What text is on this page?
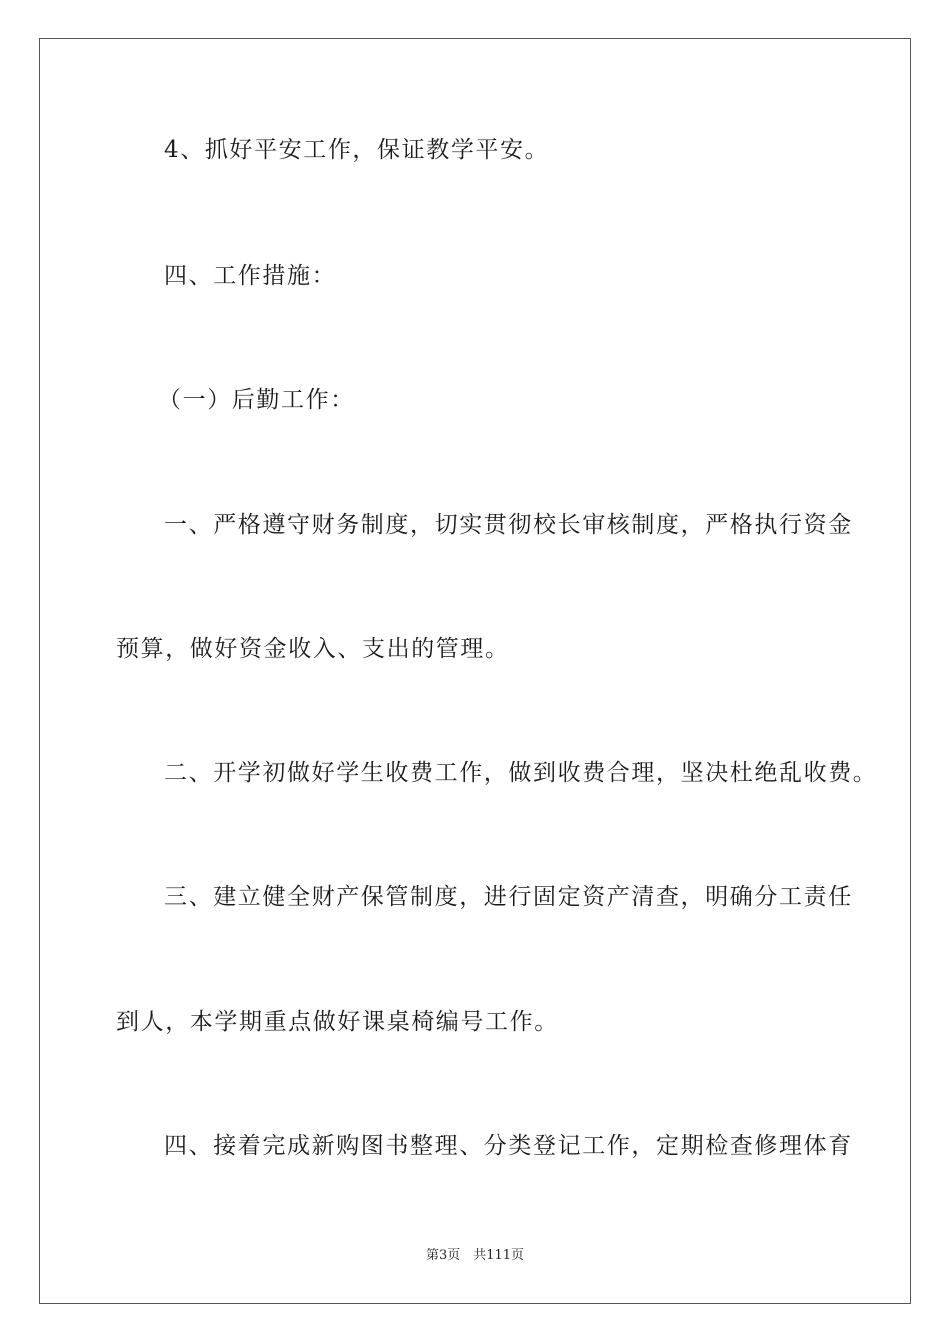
4、抓好平安工作，保证教学平安。
四、工作措施：
（一）后勤工作：
一、严格遵守财务制度，切实贯彻校长审核制度，严格执行资金
预算，做好资金收入、支出的管理。
二、开学初做好学生收费工作，做到收费合理，坚决杜绝乱收费。
三、建立健全财产保管制度，进行固定资产清查，明确分工责任
到人，本学期重点做好课桌椅编号工作。
四、接着完成新购图书整理、分类登记工作，定期检查修理体育
第3页　共111页
